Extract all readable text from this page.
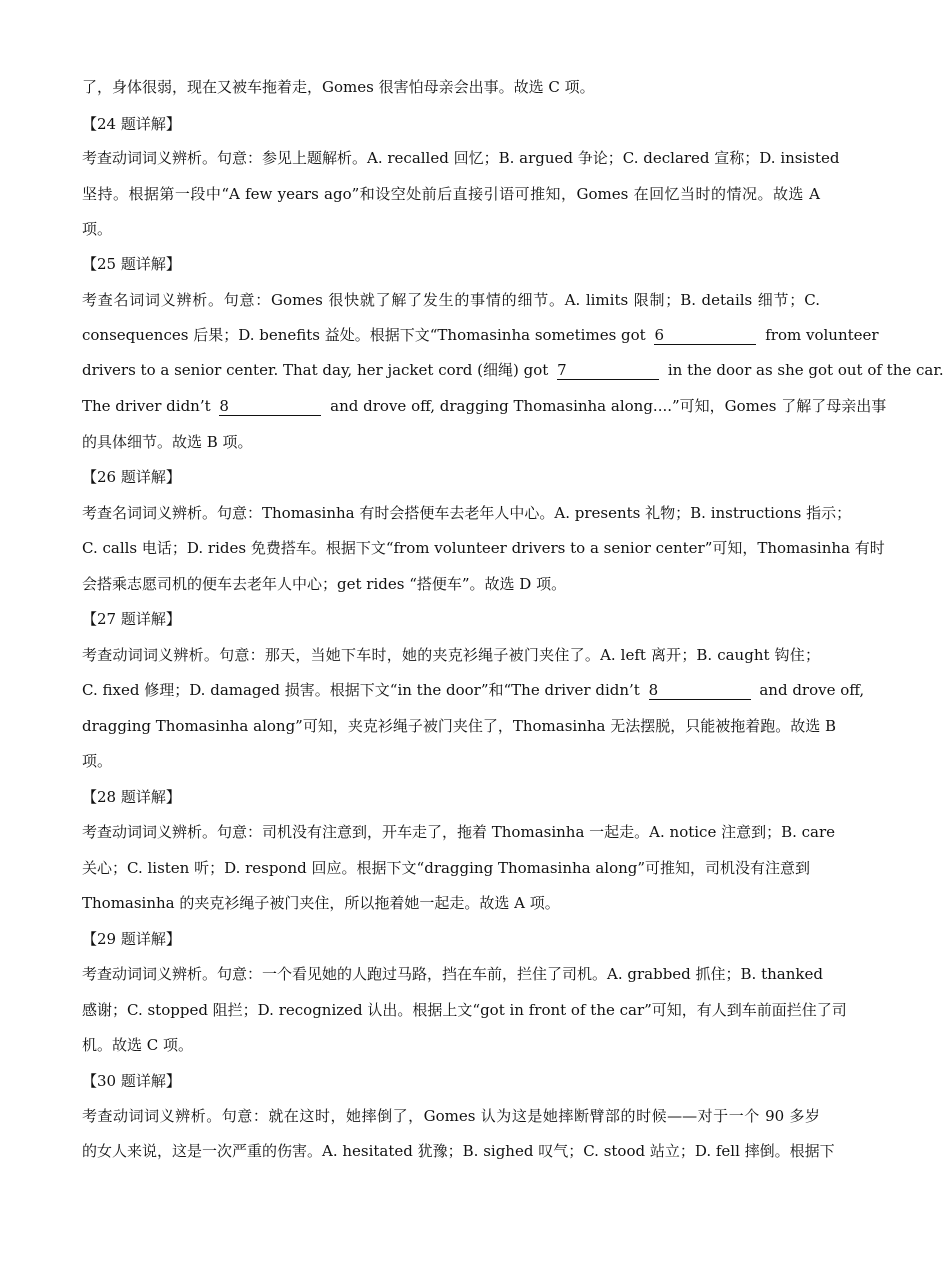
了，身体很弱，现在又被车拖着走，Gomes 很害怕母亲会出事。故选 C 项。
【24 题详解】
考查动词词义辨析。句意：参见上题解析。A. recalled 回忆；B. argued 争论；C. declared 宣称；D. insisted
坚持。根据第一段中“A few years ago”和设空处前后直接引语可推知，Gomes 在回忆当时的情况。故选 A
项。
【25 题详解】
考查名词词义辨析。句意：Gomes 很快就了解了发生的事情的细节。A. limits 限制；B. details 细节；C.
consequences 后果；D. benefits 益处。根据下文“Thomasinha sometimes got 6	from volunteer
drivers to a senior center. That day, her jacket cord (细绳) got 7	in the door as she got out of the car.
The driver didn’t 8	and drove off, dragging Thomasinha along....”可知，Gomes 了解了母亲出事
的具体细节。故选 B 项。
【26 题详解】
考查名词词义辨析。句意：Thomasinha 有时会搭便车去老年人中心。A. presents 礼物；B. instructions 指示；
C. calls 电话；D. rides 免费搭车。根据下文“from volunteer drivers to a senior center”可知，Thomasinha 有时
会搭乘志愿司机的便车去老年人中心；get rides “搭便车”。故选 D 项。
【27 题详解】
考查动词词义辨析。句意：那天，当她下车时，她的夹克衫绳子被门夹住了。A. left 离开；B. caught 钩住；
C. fixed 修理；D. damaged 损害。根据下文“in the door”和“The driver didn’t 8	and drove off,
dragging Thomasinha along”可知，夹克衫绳子被门夹住了，Thomasinha 无法摆脱，只能被拖着跑。故选 B
项。
【28 题详解】
考查动词词义辨析。句意：司机没有注意到，开车走了，拖着 Thomasinha 一起走。A. notice 注意到；B. care
关心；C. listen 听；D. respond 回应。根据下文“dragging Thomasinha along”可推知，司机没有注意到
Thomasinha 的夹克衫绳子被门夹住，所以拖着她一起走。故选 A 项。
【29 题详解】
考查动词词义辨析。句意：一个看见她的人跑过马路，挡在车前，拦住了司机。A. grabbed 抓住；B. thanked
感谢；C. stopped 阻拦；D. recognized 认出。根据上文“got in front of the car”可知，有人到车前面拦住了司
机。故选 C 项。
【30 题详解】
考查动词词义辨析。句意：就在这时，她摔倒了，Gomes 认为这是她摔断臂部的时候——对于一个 90 多岁
的女人来说，这是一次严重的伤害。A. hesitated 犹豫；B. sighed 叹气；C. stood 站立；D. fell 摔倒。根据下
